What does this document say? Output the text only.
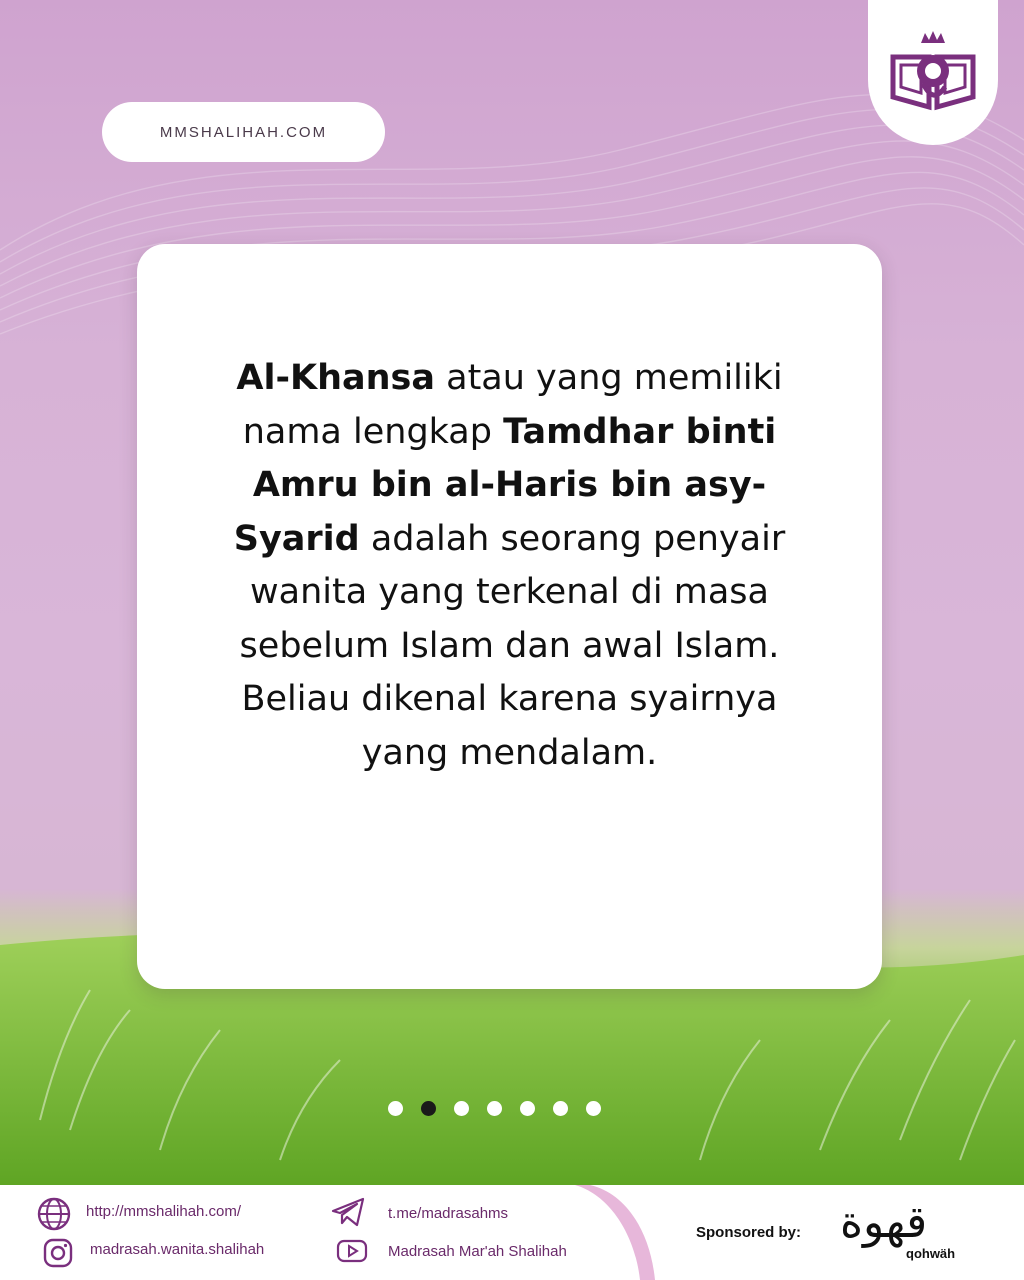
MMSHALIHAH.COM
Al-Khansa atau yang memiliki nama lengkap Tamdhar binti Amru bin al-Haris bin asy-Syarid adalah seorang penyair wanita yang terkenal di masa sebelum Islam dan awal Islam. Beliau dikenal karena syairnya yang mendalam.
http://mmshalihah.com/
madrasah.wanita.shalihah
t.me/madrasahms
Madrasah Mar'ah Shalihah
Sponsored by: قهوة
qohwäh
